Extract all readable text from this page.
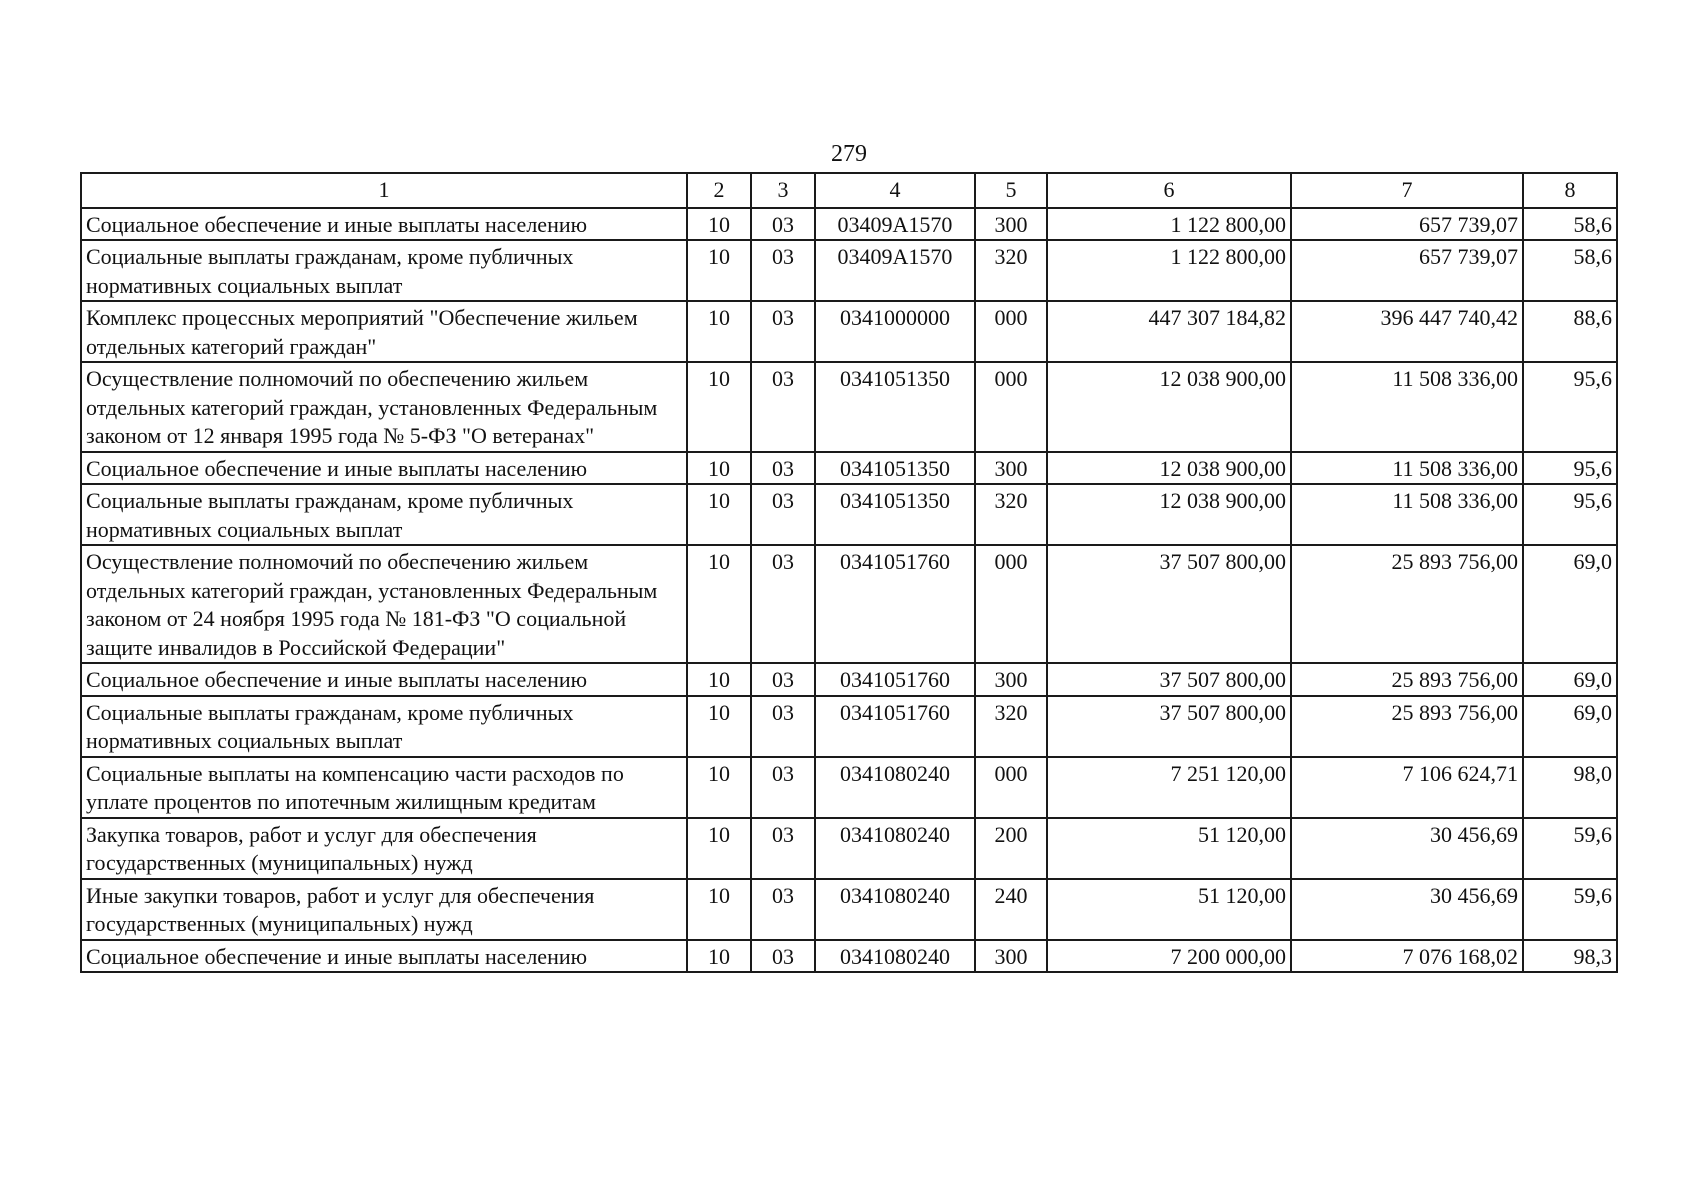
279
1	2	3	4	5	6	7	8
Социальное обеспечение и иные выплаты населению	10	03	03409А1570	300	1 122 800,00	657 739,07	58,6
Социальные выплаты гражданам, кроме публичных нормативных социальных выплат	10	03	03409А1570	320	1 122 800,00	657 739,07	58,6
Комплекс процессных мероприятий "Обеспечение жильем отдельных категорий граждан"	10	03	0341000000	000	447 307 184,82	396 447 740,42	88,6
Осуществление полномочий по обеспечению жильем отдельных категорий граждан, установленных Федеральным законом от 12 января 1995 года № 5-ФЗ "О ветеранах"	10	03	0341051350	000	12 038 900,00	11 508 336,00	95,6
Социальное обеспечение и иные выплаты населению	10	03	0341051350	300	12 038 900,00	11 508 336,00	95,6
Социальные выплаты гражданам, кроме публичных нормативных социальных выплат	10	03	0341051350	320	12 038 900,00	11 508 336,00	95,6
Осуществление полномочий по обеспечению жильем отдельных категорий граждан, установленных Федеральным законом от 24 ноября 1995 года № 181-ФЗ "О социальной защите инвалидов в Российской Федерации"	10	03	0341051760	000	37 507 800,00	25 893 756,00	69,0
Социальное обеспечение и иные выплаты населению	10	03	0341051760	300	37 507 800,00	25 893 756,00	69,0
Социальные выплаты гражданам, кроме публичных нормативных социальных выплат	10	03	0341051760	320	37 507 800,00	25 893 756,00	69,0
Социальные выплаты на компенсацию части расходов по уплате процентов по ипотечным жилищным кредитам	10	03	0341080240	000	7 251 120,00	7 106 624,71	98,0
Закупка товаров, работ и услуг для обеспечения государственных (муниципальных) нужд	10	03	0341080240	200	51 120,00	30 456,69	59,6
Иные закупки товаров, работ и услуг для обеспечения государственных (муниципальных) нужд	10	03	0341080240	240	51 120,00	30 456,69	59,6
Социальное обеспечение и иные выплаты населению	10	03	0341080240	300	7 200 000,00	7 076 168,02	98,3
